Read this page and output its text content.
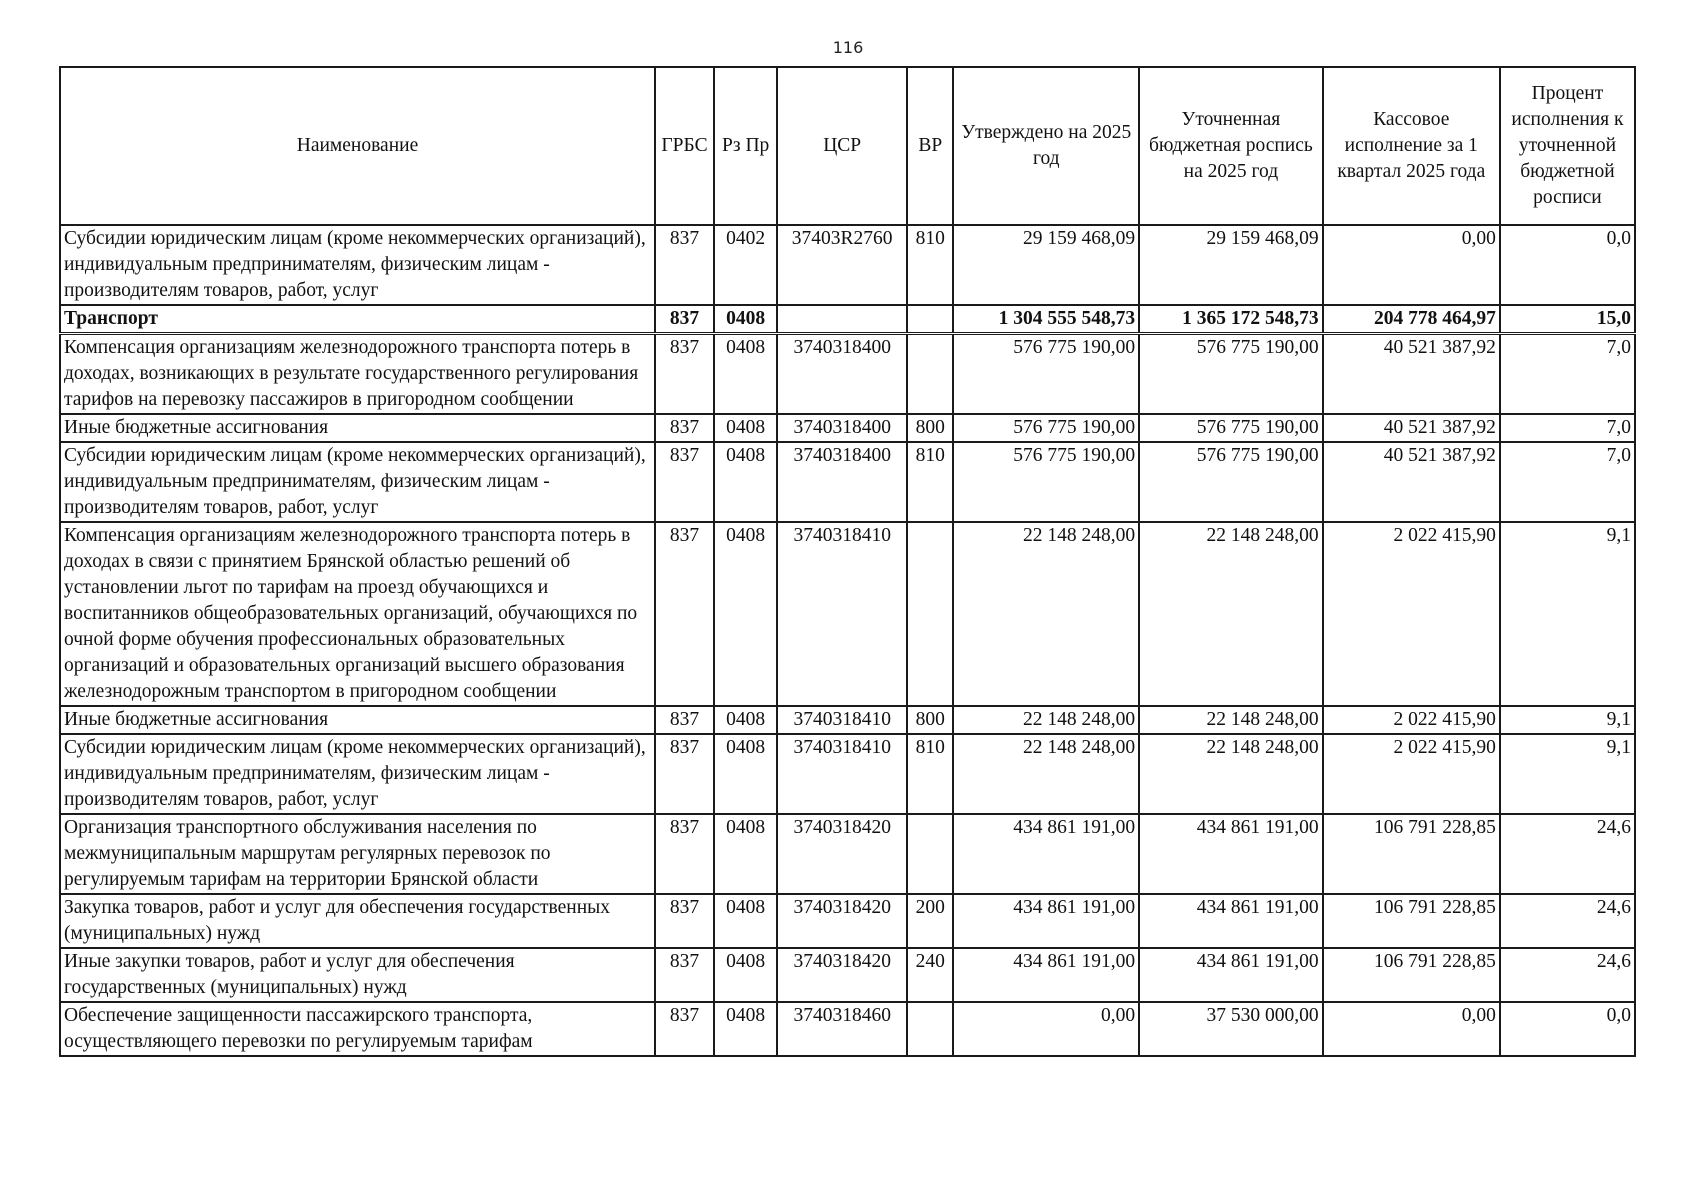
116
Наименование	ГРБС	Рз Пр	ЦСР	ВР	Утверждено на 2025 год	Уточненная бюджетная роспись на 2025 год	Кассовое исполнение за 1 квартал 2025 года	Процент исполнения к уточненной бюджетной росписи
Субсидии юридическим лицам (кроме некоммерческих организаций), индивидуальным предпринимателям, физическим лицам - производителям товаров, работ, услуг	837	0402	37403R2760	810	29 159 468,09	29 159 468,09	0,00	0,0
Транспорт	837	0408			1 304 555 548,73	1 365 172 548,73	204 778 464,97	15,0
Компенсация организациям железнодорожного транспорта потерь в доходах, возникающих в результате государственного регулирования тарифов на перевозку пассажиров в пригородном сообщении	837	0408	3740318400		576 775 190,00	576 775 190,00	40 521 387,92	7,0
Иные бюджетные ассигнования	837	0408	3740318400	800	576 775 190,00	576 775 190,00	40 521 387,92	7,0
Субсидии юридическим лицам (кроме некоммерческих организаций), индивидуальным предпринимателям, физическим лицам - производителям товаров, работ, услуг	837	0408	3740318400	810	576 775 190,00	576 775 190,00	40 521 387,92	7,0
Компенсация организациям железнодорожного транспорта потерь в доходах в связи с принятием Брянской областью решений об установлении льгот по тарифам на проезд обучающихся и воспитанников общеобразовательных организаций, обучающихся по очной форме обучения профессиональных образовательных организаций и образовательных организаций высшего образования железнодорожным транспортом в пригородном сообщении	837	0408	3740318410		22 148 248,00	22 148 248,00	2 022 415,90	9,1
Иные бюджетные ассигнования	837	0408	3740318410	800	22 148 248,00	22 148 248,00	2 022 415,90	9,1
Субсидии юридическим лицам (кроме некоммерческих организаций), индивидуальным предпринимателям, физическим лицам - производителям товаров, работ, услуг	837	0408	3740318410	810	22 148 248,00	22 148 248,00	2 022 415,90	9,1
Организация транспортного обслуживания населения по межмуниципальным маршрутам регулярных перевозок по регулируемым тарифам на территории Брянской области	837	0408	3740318420		434 861 191,00	434 861 191,00	106 791 228,85	24,6
Закупка товаров, работ и услуг для обеспечения государственных (муниципальных) нужд	837	0408	3740318420	200	434 861 191,00	434 861 191,00	106 791 228,85	24,6
Иные закупки товаров, работ и услуг для обеспечения государственных (муниципальных) нужд	837	0408	3740318420	240	434 861 191,00	434 861 191,00	106 791 228,85	24,6
Обеспечение защищенности пассажирского транспорта, осуществляющего перевозки по регулируемым тарифам	837	0408	3740318460		0,00	37 530 000,00	0,00	0,0
